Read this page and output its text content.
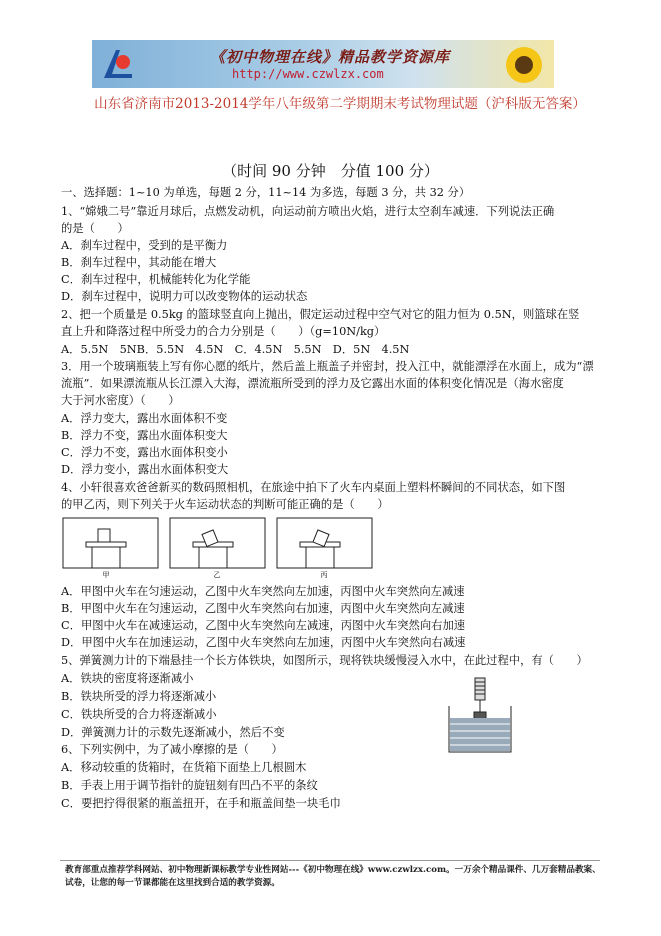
《初中物理在线》精品教学资源库
http://www.czwlzx.com
山东省济南市2013-2014学年八年级第二学期期末考试物理试题（沪科版无答案）
（时间 90 分钟　分值 100 分）
一、选择题：1~10 为单选，每题 2 分，11~14 为多选，每题 3 分，共 32 分）
1、“嫦娥二号”靠近月球后，点燃发动机，向运动前方喷出火焰，进行太空刹车减速．下列说法正确
的是（　　）
A．刹车过程中，受到的是平衡力
B．刹车过程中，其动能在增大
C．刹车过程中，机械能转化为化学能
D．刹车过程中，说明力可以改变物体的运动状态
2、把一个质量是 0.5kg 的篮球竖直向上抛出，假定运动过程中空气对它的阻力恒为 0.5N，则篮球在竖
直上升和降落过程中所受力的合力分别是（　　）（g=10N/kg）
A．5.5N　5NB．5.5N　4.5N　C．4.5N　5.5N　D．5N　4.5N
3．用一个玻璃瓶装上写有你心愿的纸片，然后盖上瓶盖子并密封，投入江中，就能漂浮在水面上，成为“漂
流瓶”．如果漂流瓶从长江漂入大海，漂流瓶所受到的浮力及它露出水面的体积变化情况是（海水密度
大于河水密度）（　　）
A．浮力变大，露出水面体积不变
B．浮力不变，露出水面体积变大
C．浮力不变，露出水面体积变小
D．浮力变小，露出水面体积变大
4、小轩很喜欢爸爸新买的数码照相机，在旅途中拍下了火车内桌面上塑料杯瞬间的不同状态，如下图
的甲乙丙，则下列关于火车运动状态的判断可能正确的是（　　）
甲	乙	丙
A．甲图中火车在匀速运动，乙图中火车突然向左加速，丙图中火车突然向左减速
B．甲图中火车在匀速运动，乙图中火车突然向右加速，丙图中火车突然向左减速
C．甲图中火车在减速运动，乙图中火车突然向左减速，丙图中火车突然向右加速
D．甲图中火车在加速运动，乙图中火车突然向左加速，丙图中火车突然向右减速
5、弹簧测力计的下端悬挂一个长方体铁块，如图所示，现将铁块缓慢浸入水中，在此过程中，有（　　）
A．铁块的密度将逐渐减小
B．铁块所受的浮力将逐渐减小
C．铁块所受的合力将逐渐减小
D．弹簧测力计的示数先逐渐减小，然后不变
6、下列实例中，为了减小摩擦的是（　　）
A．移动较重的货箱时，在货箱下面垫上几根圆木
B．手表上用于调节指针的旋钮刻有凹凸不平的条纹
C．要把拧得很紧的瓶盖扭开，在手和瓶盖间垫一块毛巾
教育部重点推荐学科网站、初中物理新课标教学专业性网站---《初中物理在线》www.czwlzx.com。一万余个精品课件、几万套精品教案、试卷，让您的每一节课都能在这里找到合适的教学资源。
